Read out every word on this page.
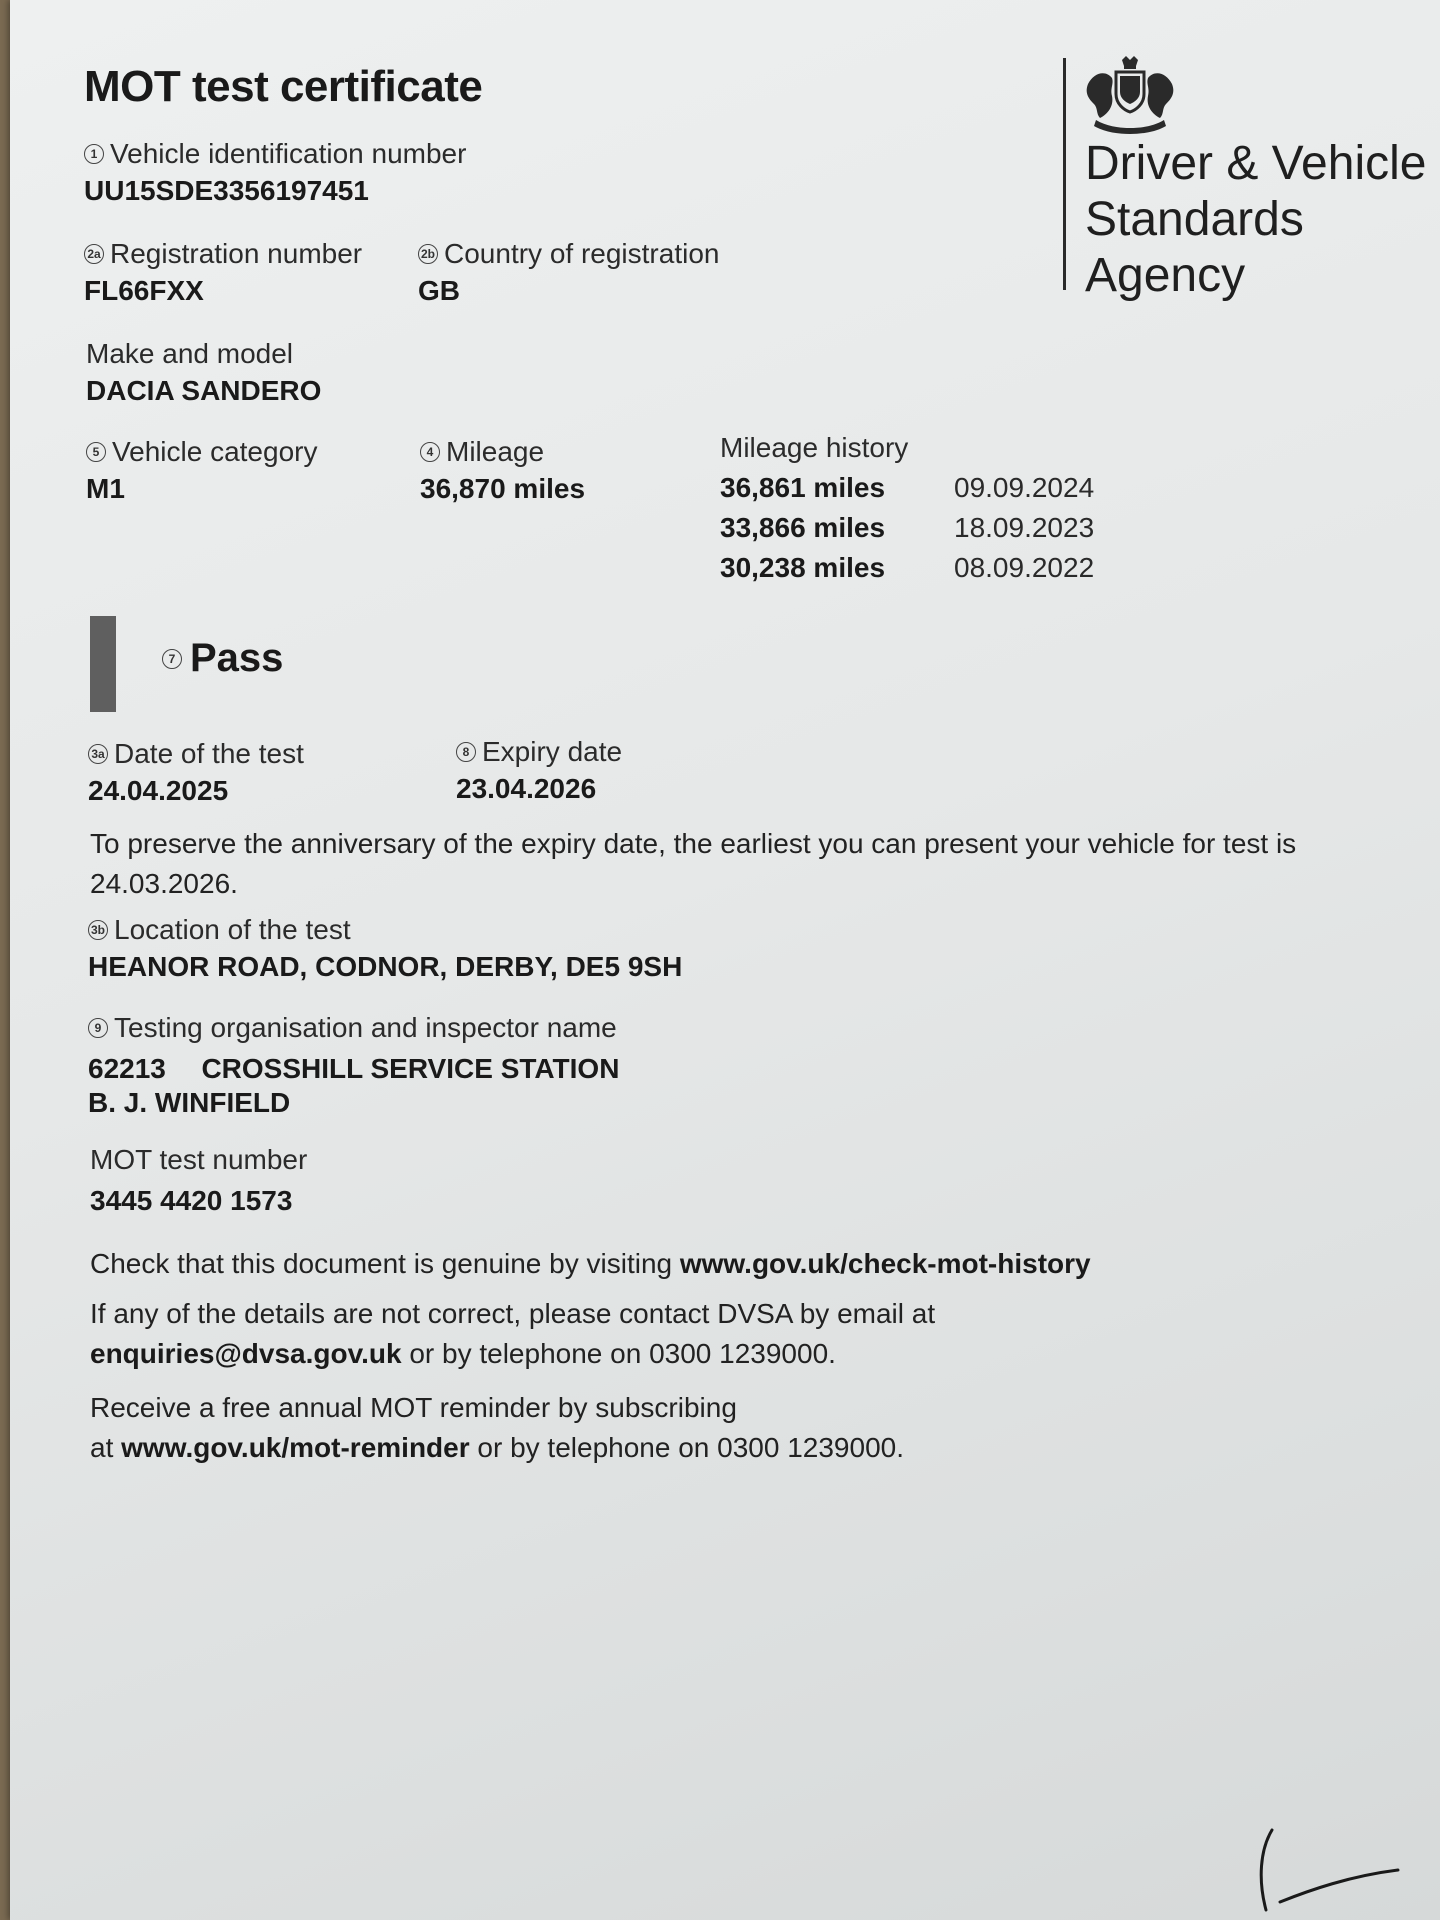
MOT test certificate
Driver & Vehicle
Standards
Agency
1 Vehicle identification number
UU15SDE3356197451
2a Registration number
FL66FXX
2b Country of registration
GB
Make and model
DACIA SANDERO
5 Vehicle category
M1
4 Mileage
36,870 miles
Mileage history
36,861 miles	09.09.2024
33,866 miles	18.09.2023
30,238 miles	08.09.2022
7 Pass
3a Date of the test
24.04.2025
8 Expiry date
23.04.2026

To preserve the anniversary of the expiry date, the earliest you can present your vehicle for test is 24.03.2026.

3b Location of the test
HEANOR ROAD, CODNOR, DERBY, DE5 9SH
9 Testing organisation and inspector name
62213 CROSSHILL SERVICE STATION
B. J. WINFIELD
MOT test number
3445 4420 1573

Check that this document is genuine by visiting www.gov.uk/check-mot-history

If any of the details are not correct, please contact DVSA by email at
enquiries@dvsa.gov.uk or by telephone on 0300 1239000.

Receive a free annual MOT reminder by subscribing
at www.gov.uk/mot-reminder or by telephone on 0300 1239000.
